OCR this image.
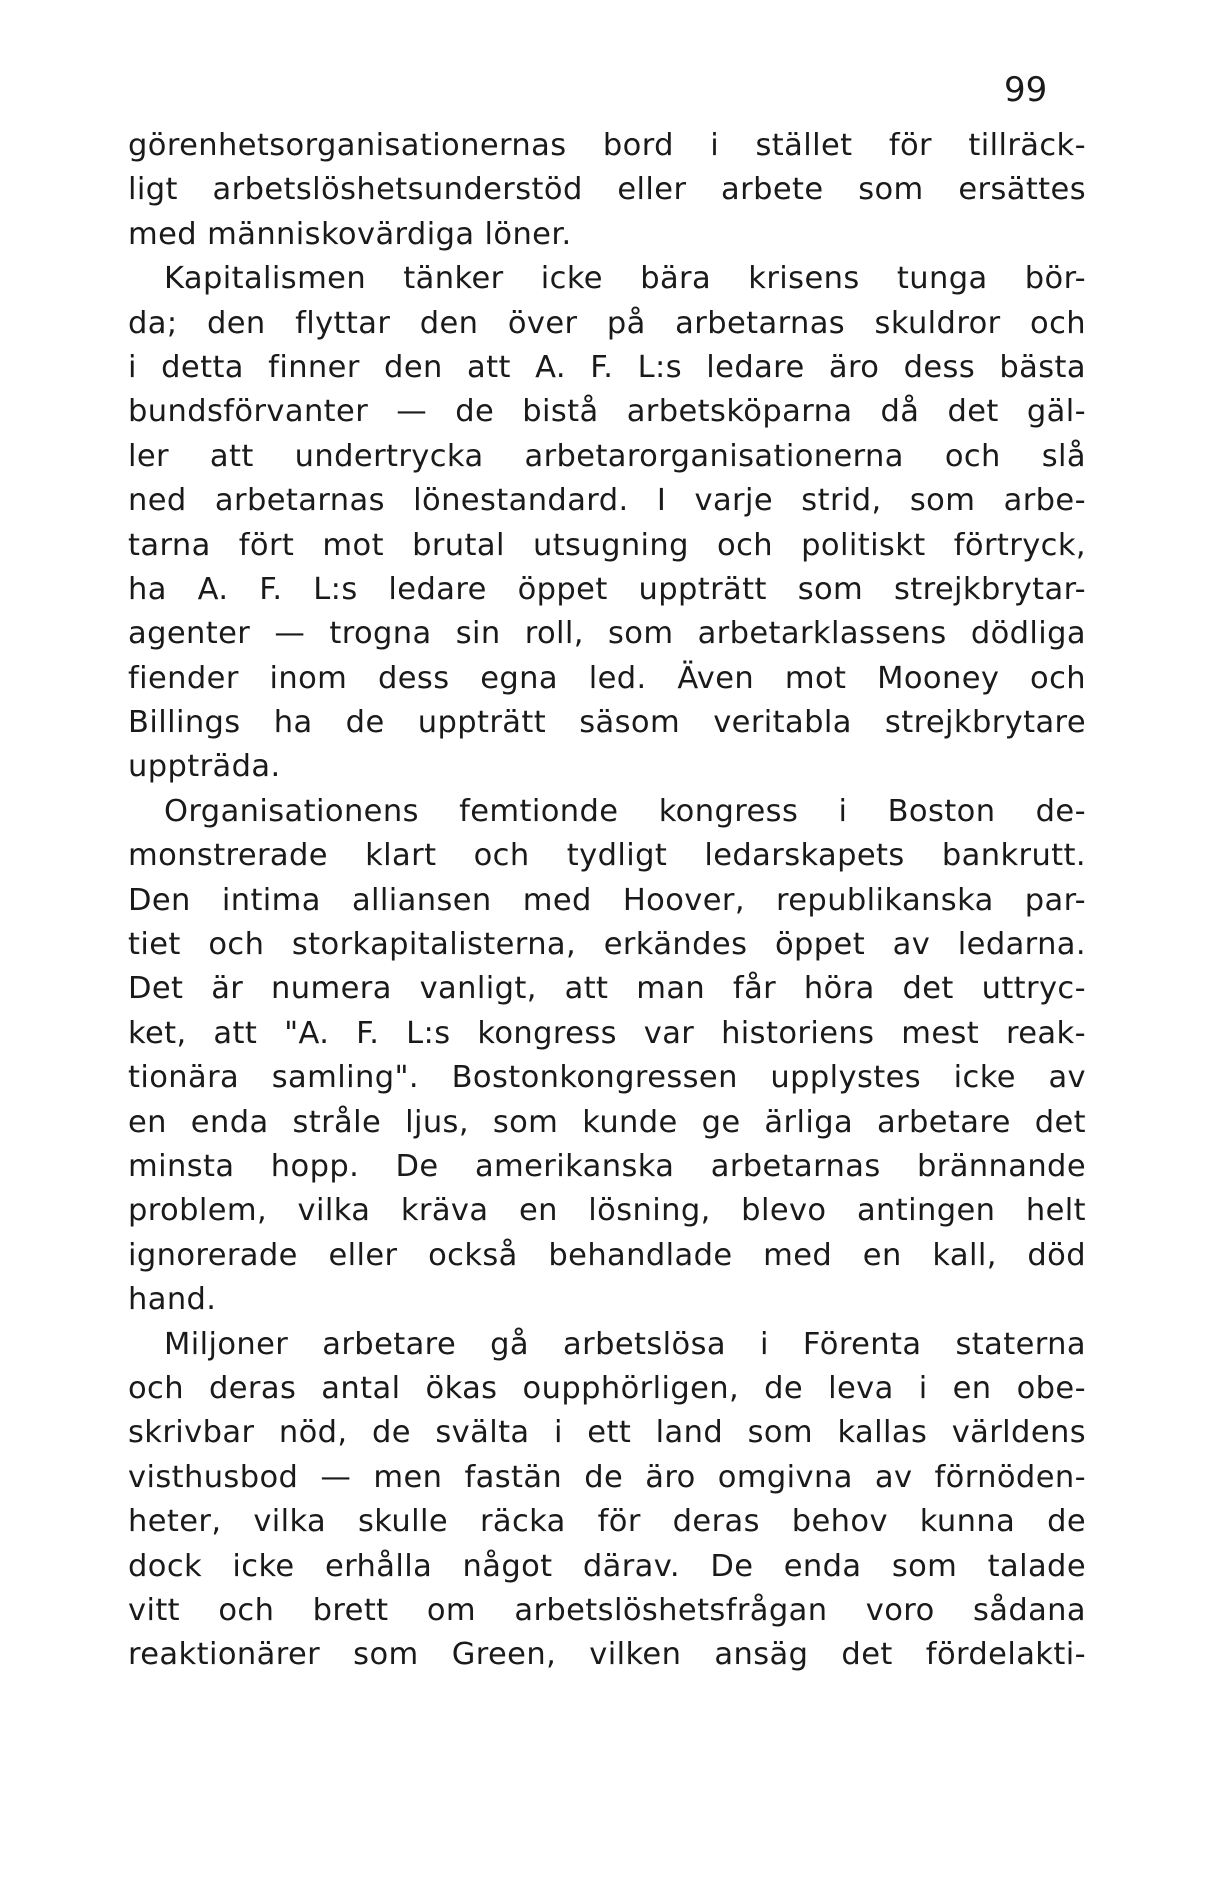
99
görenhetsorganisationernas bord i stället för tillräck-
ligt arbetslöshetsunderstöd eller arbete som ersättes
med människovärdiga löner.
Kapitalismen tänker icke bära krisens tunga bör-
da; den flyttar den över på arbetarnas skuldror och
i detta finner den att A. F. L:s ledare äro dess bästa
bundsförvanter — de bistå arbetsköparna då det gäl-
ler att undertrycka arbetarorganisationerna och slå
ned arbetarnas lönestandard. I varje strid, som arbe-
tarna fört mot brutal utsugning och politiskt förtryck,
ha A. F. L:s ledare öppet uppträtt som strejkbrytar-
agenter — trogna sin roll, som arbetarklassens dödliga
fiender inom dess egna led. Även mot Mooney och
Billings ha de uppträtt säsom veritabla strejkbrytare
uppträda.
Organisationens femtionde kongress i Boston de-
monstrerade klart och tydligt ledarskapets bankrutt.
Den intima alliansen med Hoover, republikanska par-
tiet och storkapitalisterna, erkändes öppet av ledarna.
Det är numera vanligt, att man får höra det uttryc-
ket, att "A. F. L:s kongress var historiens mest reak-
tionära samling". Bostonkongressen upplystes icke av
en enda stråle ljus, som kunde ge ärliga arbetare det
minsta hopp. De amerikanska arbetarnas brännande
problem, vilka kräva en lösning, blevo antingen helt
ignorerade eller också behandlade med en kall, död
hand.
Miljoner arbetare gå arbetslösa i Förenta staterna
och deras antal ökas oupphörligen, de leva i en obe-
skrivbar nöd, de svälta i ett land som kallas världens
visthusbod — men fastän de äro omgivna av förnöden-
heter, vilka skulle räcka för deras behov kunna de
dock icke erhålla något därav. De enda som talade
vitt och brett om arbetslöshetsfrågan voro sådana
reaktionärer som Green, vilken ansäg det fördelakti-
